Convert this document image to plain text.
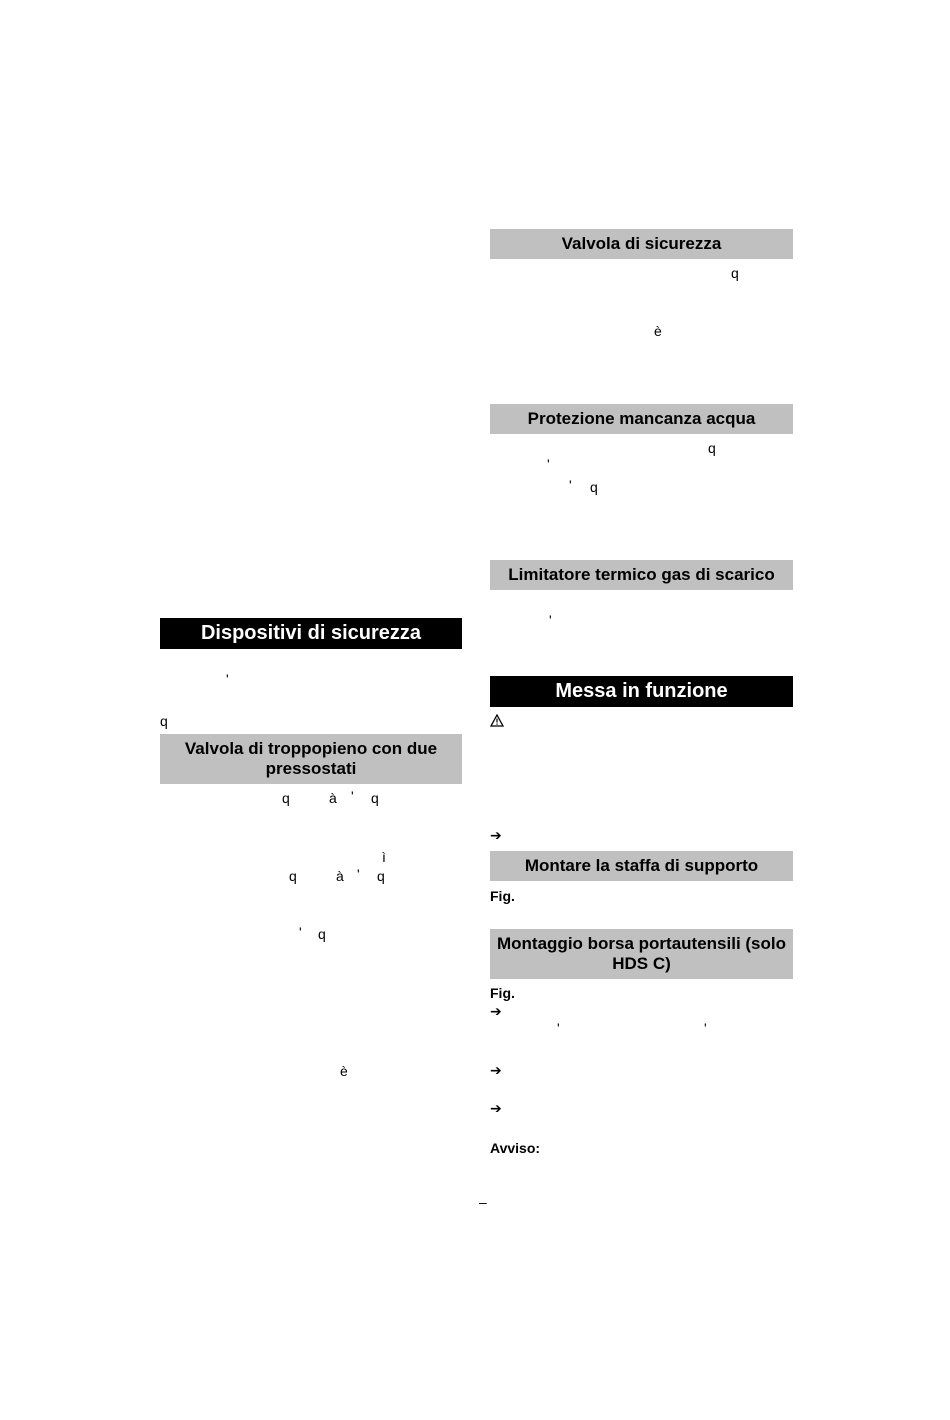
Dispositivi di sicurezza
'
q
Valvola di troppopieno con due pressostati
q	à ' q
ì
q	à ' q
' q
è
Valvola di sicurezza
q
è
Protezione mancanza acqua
q
'
' q
Limitatore termico gas di scarico
'
Messa in funzione
➔
Montare la staffa di supporto
Fig.
Montaggio borsa portautensili (solo HDS C)
Fig.
➔
'	'
➔
➔
Avviso:
–
